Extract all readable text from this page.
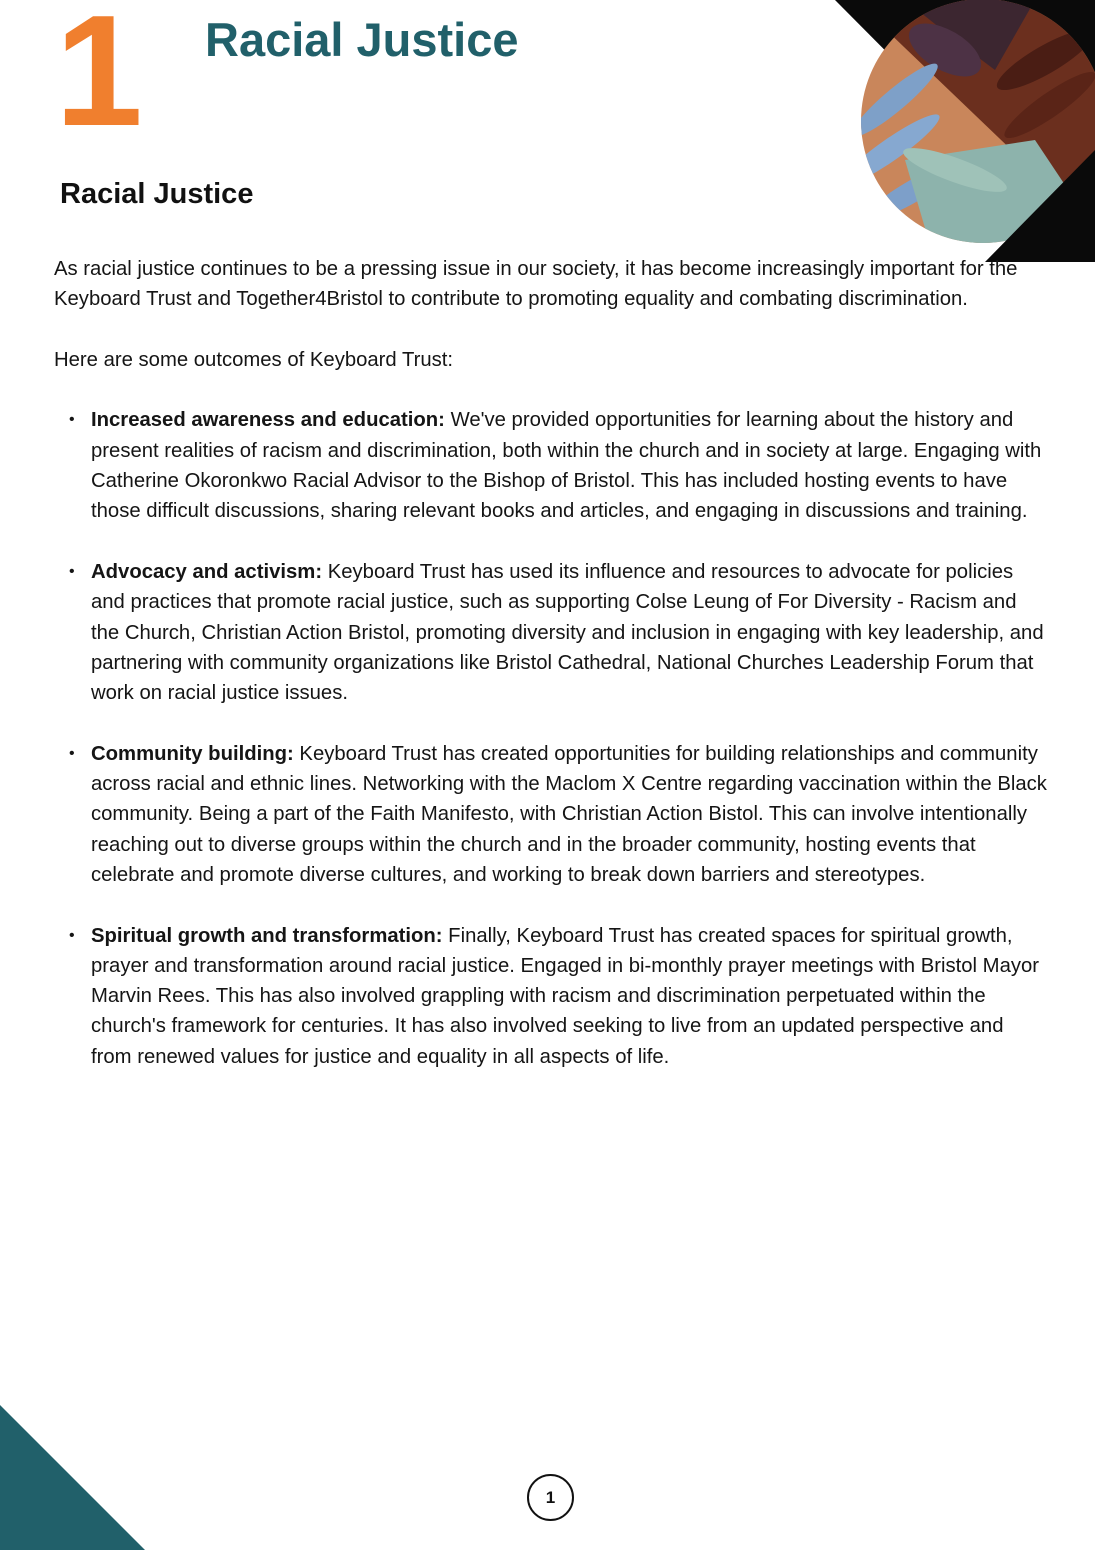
1 Racial Justice
Racial Justice

As racial justice continues to be a pressing issue in our society, it has become increasingly important for the Keyboard Trust and Together4Bristol to contribute to promoting equality and combating discrimination.

Here are some outcomes of Keyboard Trust:

• Increased awareness and education: We've provided opportunities for learning about the history and present realities of racism and discrimination, both within the church and in society at large. Engaging with Catherine Okoronkwo Racial Advisor to the Bishop of Bristol. This has included hosting events to have those difficult discussions, sharing relevant books and articles, and engaging in discussions and training.
• Advocacy and activism: Keyboard Trust has used its influence and resources to advocate for policies and practices that promote racial justice, such as supporting Colse Leung of For Diversity - Racism and the Church, Christian Action Bristol, promoting diversity and inclusion in engaging with key leadership, and partnering with community organizations like Bristol Cathedral, National Churches Leadership Forum that work on racial justice issues.
• Community building: Keyboard Trust has created opportunities for building relationships and community across racial and ethnic lines. Networking with the Maclom X Centre regarding vaccination within the Black community. Being a part of the Faith Manifesto, with Christian Action Bistol. This can involve intentionally reaching out to diverse groups within the church and in the broader community, hosting events that celebrate and promote diverse cultures, and working to break down barriers and stereotypes.
• Spiritual growth and transformation: Finally, Keyboard Trust has created spaces for spiritual growth, prayer and transformation around racial justice. Engaged in bi-monthly prayer meetings with Bristol Mayor Marvin Rees. This has also involved grappling with racism and discrimination perpetuated within the church's framework for centuries. It has also involved seeking to live from an updated perspective and from renewed values for justice and equality in all aspects of life.
1
